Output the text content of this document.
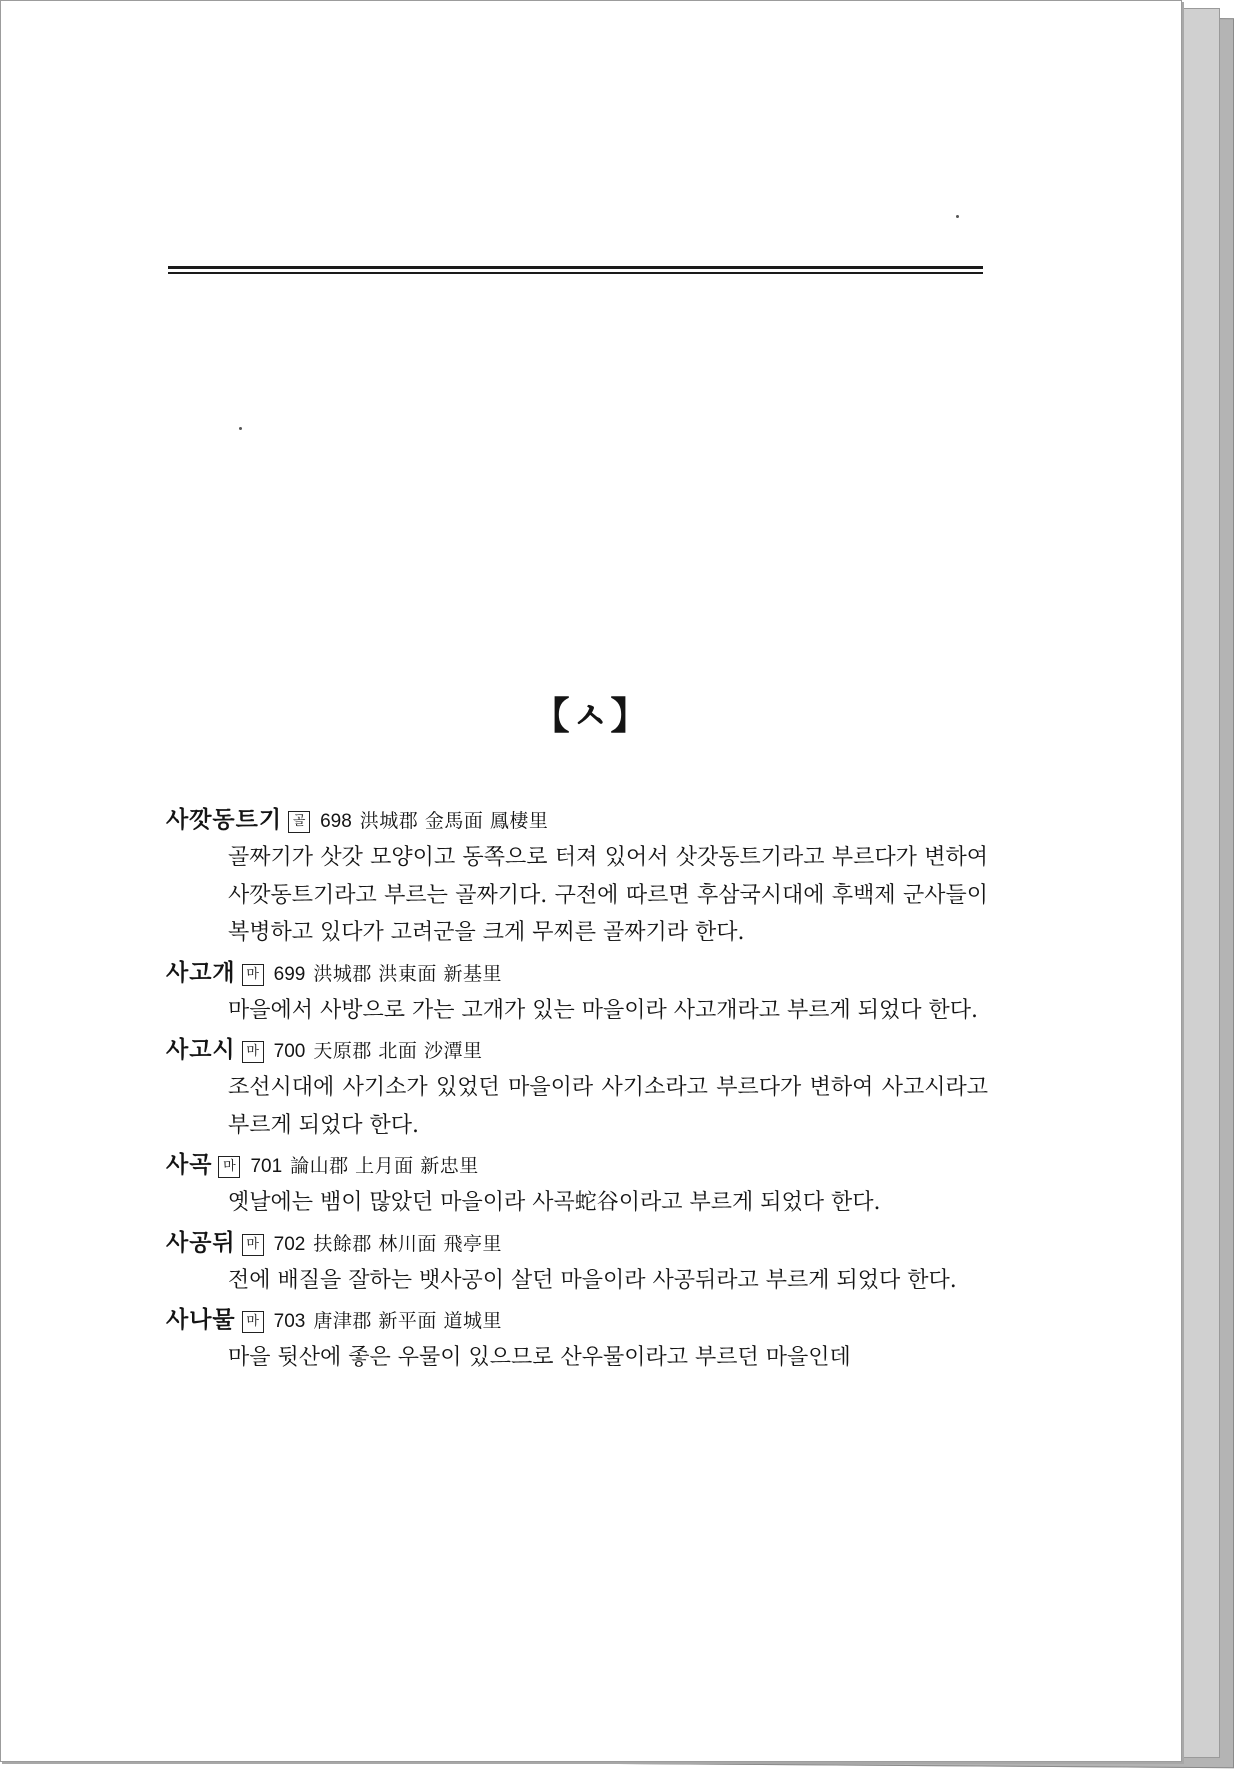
【ㅅ】
사깟동트기 골 698 洪城郡 金馬面 鳳棲里
골짜기가 삿갓 모양이고 동쪽으로 터져 있어서 삿갓동트기라고 부르다가 변하여 사깟동트기라고 부르는 골짜기다. 구전에 따르면 후삼국시대에 후백제 군사들이 복병하고 있다가 고려군을 크게 무찌른 골짜기라 한다.
사고개 마 699 洪城郡 洪東面 新基里
마을에서 사방으로 가는 고개가 있는 마을이라 사고개라고 부르게 되었다 한다.
사고시 마 700 天原郡 北面 沙潭里
조선시대에 사기소가 있었던 마을이라 사기소라고 부르다가 변하여 사고시라고 부르게 되었다 한다.
사곡 마 701 論山郡 上月面 新忠里
옛날에는 뱀이 많았던 마을이라 사곡蛇谷이라고 부르게 되었다 한다.
사공뒤 마 702 扶餘郡 林川面 飛亭里
전에 배질을 잘하는 뱃사공이 살던 마을이라 사공뒤라고 부르게 되었다 한다.
사나물 마 703 唐津郡 新平面 道城里
마을 뒷산에 좋은 우물이 있으므로 산우물이라고 부르던 마을인데
